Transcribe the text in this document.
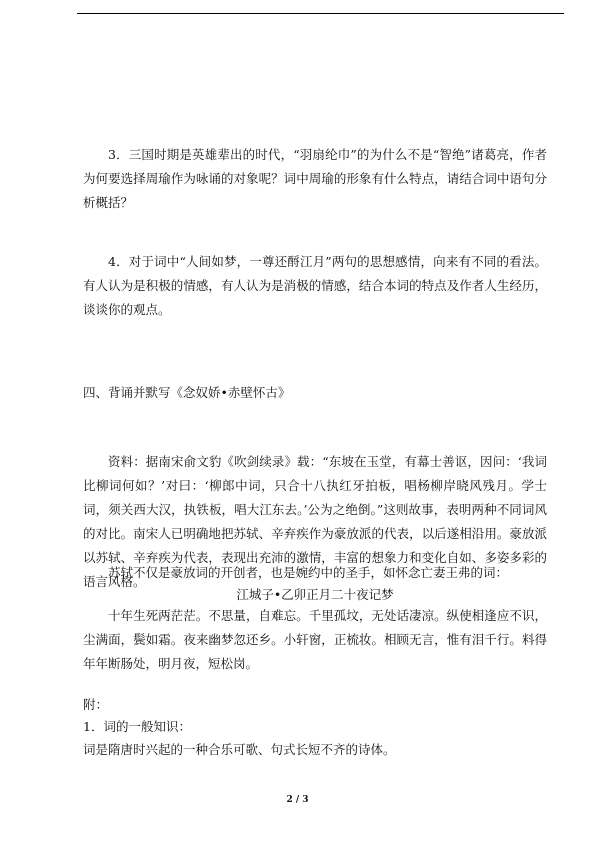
3．三国时期是英雄辈出的时代，“羽扇纶巾”的为什么不是“智绝”诸葛亮，作者为何要选择周瑜作为咏诵的对象呢？词中周瑜的形象有什么特点，请结合词中语句分析概括？

4．对于词中“人间如梦，一尊还酹江月”两句的思想感情，向来有不同的看法。有人认为是积极的情感，有人认为是消极的情感，结合本词的特点及作者人生经历，谈谈你的观点。

四、背诵并默写《念奴娇•赤壁怀古》

资料：据南宋俞文豹《吹剑续录》载：“东坡在玉堂，有幕士善讴，因问：‘我词比柳词何如？’对曰：‘柳郎中词，只合十八执红牙拍板，唱杨柳岸晓风残月。学士词，须关西大汉，执铁板，唱大江东去。’公为之绝倒。”这则故事，表明两种不同词风的对比。南宋人已明确地把苏轼、辛弃疾作为豪放派的代表，以后遂相沿用。豪放派以苏轼、辛弃疾为代表，表现出充沛的激情，丰富的想象力和变化自如、多姿多彩的语言风格。

苏轼不仅是豪放词的开创者，也是婉约中的圣手，如怀念亡妻王弗的词：

江城子•乙卯正月二十夜记梦

十年生死两茫茫。不思量，自难忘。千里孤坟，无处话凄凉。纵使相逢应不识，尘满面，鬓如霜。夜来幽梦忽还乡。小轩窗，正梳妆。相顾无言，惟有泪千行。料得年年断肠处，明月夜，短松岗。

附：

1．词的一般知识：

词是隋唐时兴起的一种合乐可歌、句式长短不齐的诗体。

2 / 3
